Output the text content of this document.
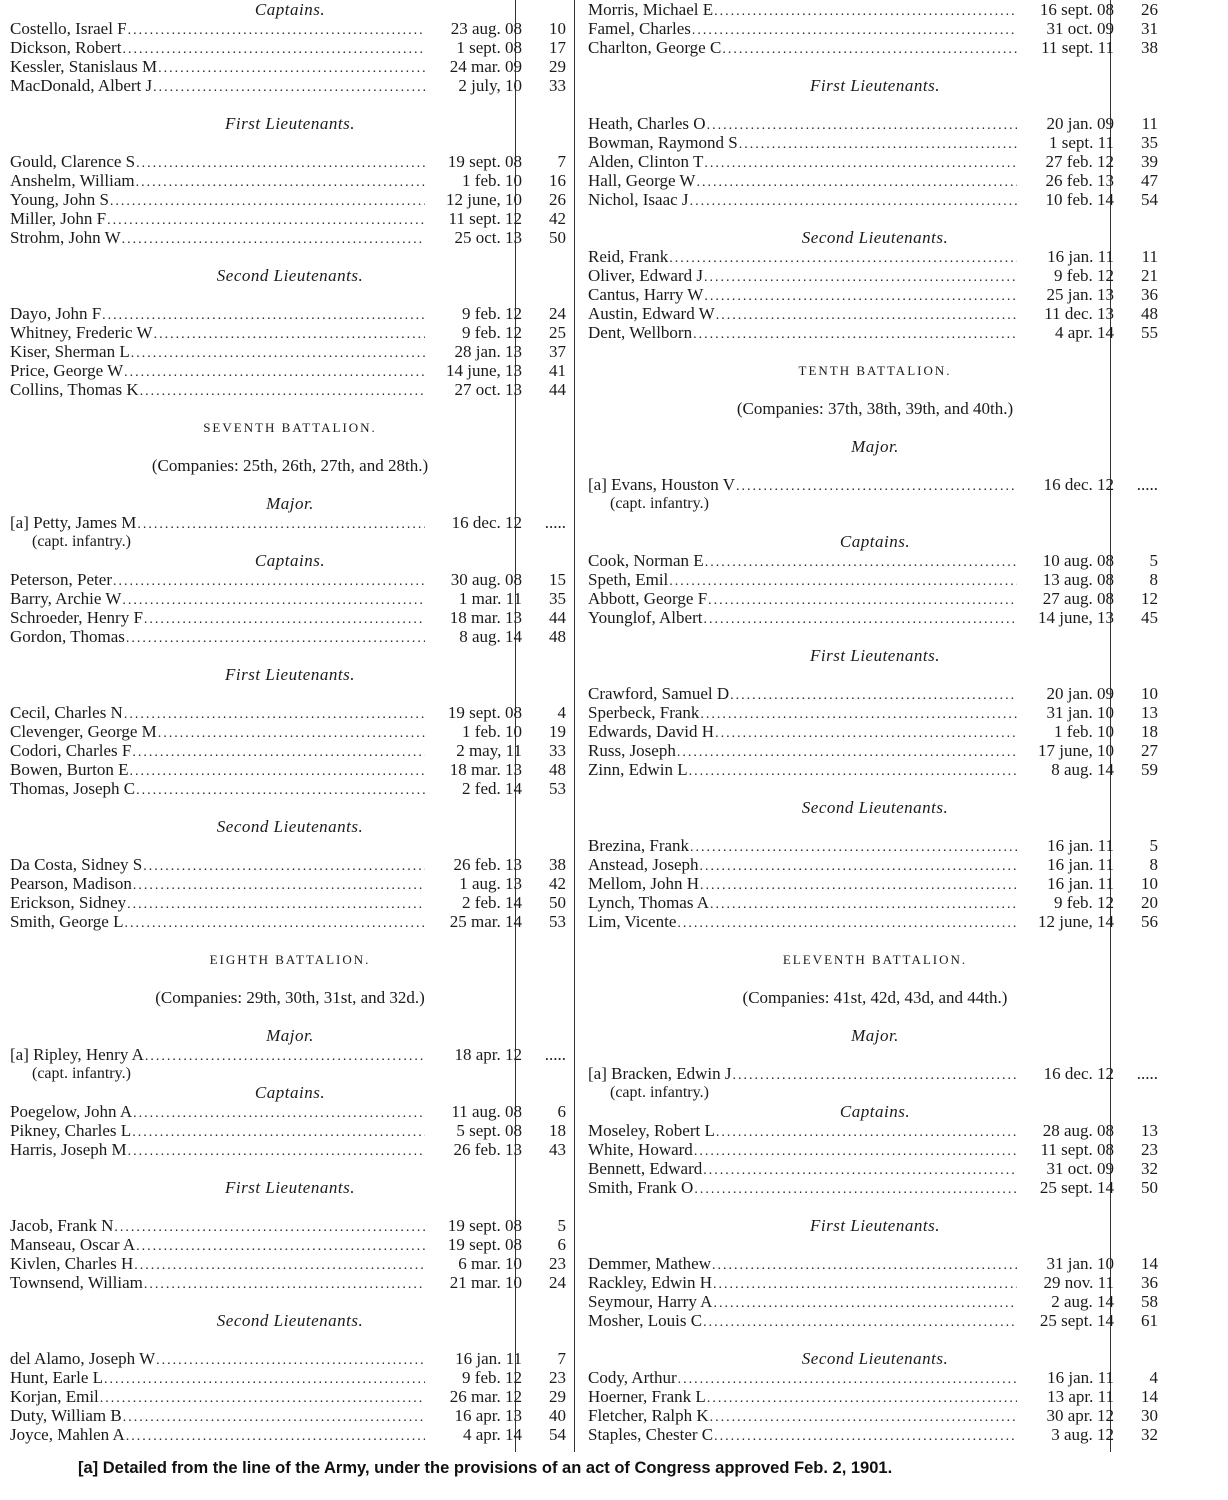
Captains.
Costello, Israel F .....	23 aug. 08	10
Dickson, Robert .....	1 sept. 08	17
Kessler, Stanislaus M .....	24 mar. 09	29
MacDonald, Albert J .....	2 july, 10	33
First Lieutenants.
Gould, Clarence S .....	19 sept. 08	7
Anshelm, William .....	1 feb. 10	16
Young, John S .....	12 june, 10	26
Miller, John F .....	11 sept. 12	42
Strohm, John W .....	25 oct. 13	50
Second Lieutenants.
Dayo, John F .....	9 feb. 12	24
Whitney, Frederic W .....	9 feb. 12	25
Kiser, Sherman L .....	28 jan. 13	37
Price, George W .....	14 june, 13	41
Collins, Thomas K .....	27 oct. 13	44
SEVENTH BATTALION.
(Companies: 25th, 26th, 27th, and 28th.)
Major.
[a] Petty, James M .....	16 dec. 12	.....
(capt. infantry.)
Captains.
Peterson, Peter .....	30 aug. 08	15
Barry, Archie W .....	1 mar. 11	35
Schroeder, Henry F .....	18 mar. 13	44
Gordon, Thomas .....	8 aug. 14	48
First Lieutenants.
Cecil, Charles N .....	19 sept. 08	4
Clevenger, George M .....	1 feb. 10	19
Codori, Charles F .....	2 may, 11	33
Bowen, Burton E .....	18 mar. 13	48
Thomas, Joseph C .....	2 fed. 14	53
Second Lieutenants.
Da Costa, Sidney S .....	26 feb. 13	38
Pearson, Madison .....	1 aug. 13	42
Erickson, Sidney .....	2 feb. 14	50
Smith, George L .....	25 mar. 14	53
EIGHTH BATTALION.
(Companies: 29th, 30th, 31st, and 32d.)
Major.
[a] Ripley, Henry A .....	18 apr. 12	.....
(capt. infantry.)
Captains.
Poegelow, John A .....	11 aug. 08	6
Pikney, Charles L .....	5 sept. 08	18
Harris, Joseph M .....	26 feb. 13	43
First Lieutenants.
Jacob, Frank N .....	19 sept. 08	5
Manseau, Oscar A .....	19 sept. 08	6
Kivlen, Charles H .....	6 mar. 10	23
Townsend, William .....	21 mar. 10	24
Second Lieutenants.
del Alamo, Joseph W .....	16 jan. 11	7
Hunt, Earle L .....	9 feb. 12	23
Korjan, Emil .....	26 mar. 12	29
Duty, William B .....	16 apr. 13	40
Joyce, Mahlen A .....	4 apr. 14	54
Morris, Michael E .....	16 sept. 08	26
Famel, Charles .....	31 oct. 09	31
Charlton, George C .....	11 sept. 11	38
First Lieutenants.
Heath, Charles O .....	20 jan. 09	11
Bowman, Raymond S .....	1 sept. 11	35
Alden, Clinton T .....	27 feb. 12	39
Hall, George W .....	26 feb. 13	47
Nichol, Isaac J .....	10 feb. 14	54
Second Lieutenants.
Reid, Frank .....	16 jan. 11	11
Oliver, Edward J .....	9 feb. 12	21
Cantus, Harry W .....	25 jan. 13	36
Austin, Edward W .....	11 dec. 13	48
Dent, Wellborn .....	4 apr. 14	55
TENTH BATTALION.
(Companies: 37th, 38th, 39th, and 40th.)
Major.
[a] Evans, Houston V .....	16 dec. 12	.....
(capt. infantry.)
Captains.
Cook, Norman E .....	10 aug. 08	5
Speth, Emil .....	13 aug. 08	8
Abbott, George F .....	27 aug. 08	12
Younglof, Albert .....	14 june, 13	45
First Lieutenants.
Crawford, Samuel D .....	20 jan. 09	10
Sperbeck, Frank .....	31 jan. 10	13
Edwards, David H .....	1 feb. 10	18
Russ, Joseph .....	17 june, 10	27
Zinn, Edwin L .....	8 aug. 14	59
Second Lieutenants.
Brezina, Frank .....	16 jan. 11	5
Anstead, Joseph .....	16 jan. 11	8
Mellom, John H .....	16 jan. 11	10
Lynch, Thomas A .....	9 feb. 12	20
Lim, Vicente .....	12 june, 14	56
ELEVENTH BATTALION.
(Companies: 41st, 42d, 43d, and 44th.)
Major.
[a] Bracken, Edwin J .....	16 dec. 12	.....
(capt. infantry.)
Captains.
Moseley, Robert L .....	28 aug. 08	13
White, Howard .....	11 sept. 08	23
Bennett, Edward .....	31 oct. 09	32
Smith, Frank O .....	25 sept. 14	50
First Lieutenants.
Demmer, Mathew .....	31 jan. 10	14
Rackley, Edwin H .....	29 nov. 11	36
Seymour, Harry A .....	2 aug. 14	58
Mosher, Louis C .....	25 sept. 14	61
Second Lieutenants.
Cody, Arthur .....	16 jan. 11	4
Hoerner, Frank L .....	13 apr. 11	14
Fletcher, Ralph K .....	30 apr. 12	30
Staples, Chester C .....	3 aug. 12	32
[a] Detailed from the line of the Army, under the provisions of an act of Congress approved Feb. 2, 1901.
